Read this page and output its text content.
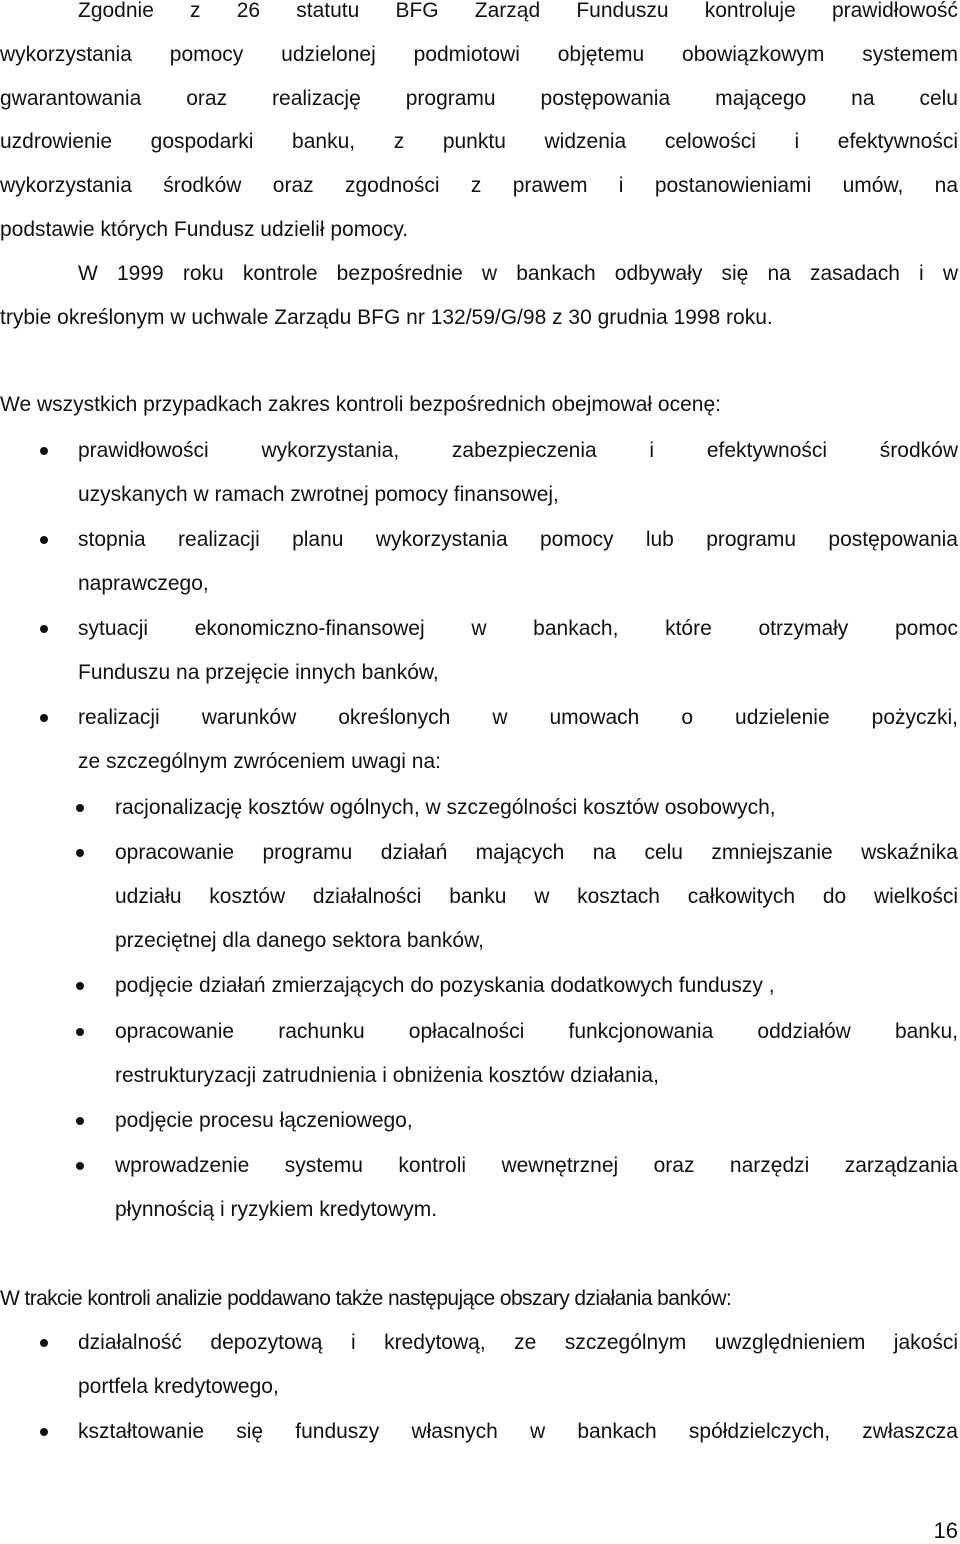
Zgodnie z 26 statutu BFG Zarząd Funduszu kontroluje prawidłowość
wykorzystania pomocy udzielonej podmiotowi objętemu obowiązkowym systemem
gwarantowania oraz realizację programu postępowania mającego na celu
uzdrowienie gospodarki banku, z punktu widzenia celowości i efektywności
wykorzystania środków oraz zgodności z prawem i postanowieniami umów, na
podstawie których Fundusz udzielił pomocy.
W 1999 roku kontrole bezpośrednie w bankach odbywały się na zasadach i w
trybie określonym w uchwale Zarządu BFG nr 132/59/G/98 z 30 grudnia 1998 roku.
We wszystkich przypadkach zakres kontroli bezpośrednich obejmował ocenę:
prawidłowości wykorzystania, zabezpieczenia i efektywności środków
uzyskanych w ramach zwrotnej pomocy finansowej,
stopnia realizacji planu wykorzystania pomocy lub programu postępowania
naprawczego,
sytuacji ekonomiczno-finansowej w bankach, które otrzymały pomoc
Funduszu na przejęcie innych banków,
realizacji warunków określonych w umowach o udzielenie pożyczki,
ze szczególnym zwróceniem uwagi na:
racjonalizację kosztów ogólnych, w szczególności kosztów osobowych,
opracowanie programu działań mających na celu zmniejszanie wskaźnika
udziału kosztów działalności banku w kosztach całkowitych do wielkości
przeciętnej dla danego sektora banków,
podjęcie działań zmierzających do pozyskania dodatkowych funduszy ,
opracowanie rachunku opłacalności funkcjonowania oddziałów banku,
restrukturyzacji zatrudnienia i obniżenia kosztów działania,
podjęcie procesu łączeniowego,
wprowadzenie systemu kontroli wewnętrznej oraz narzędzi zarządzania
płynnością i ryzykiem kredytowym.
W trakcie kontroli analizie poddawano także następujące obszary działania banków:
działalność depozytową i kredytową, ze szczególnym uwzględnieniem jakości
portfela kredytowego,
kształtowanie się funduszy własnych w bankach spółdzielczych, zwłaszcza
16
